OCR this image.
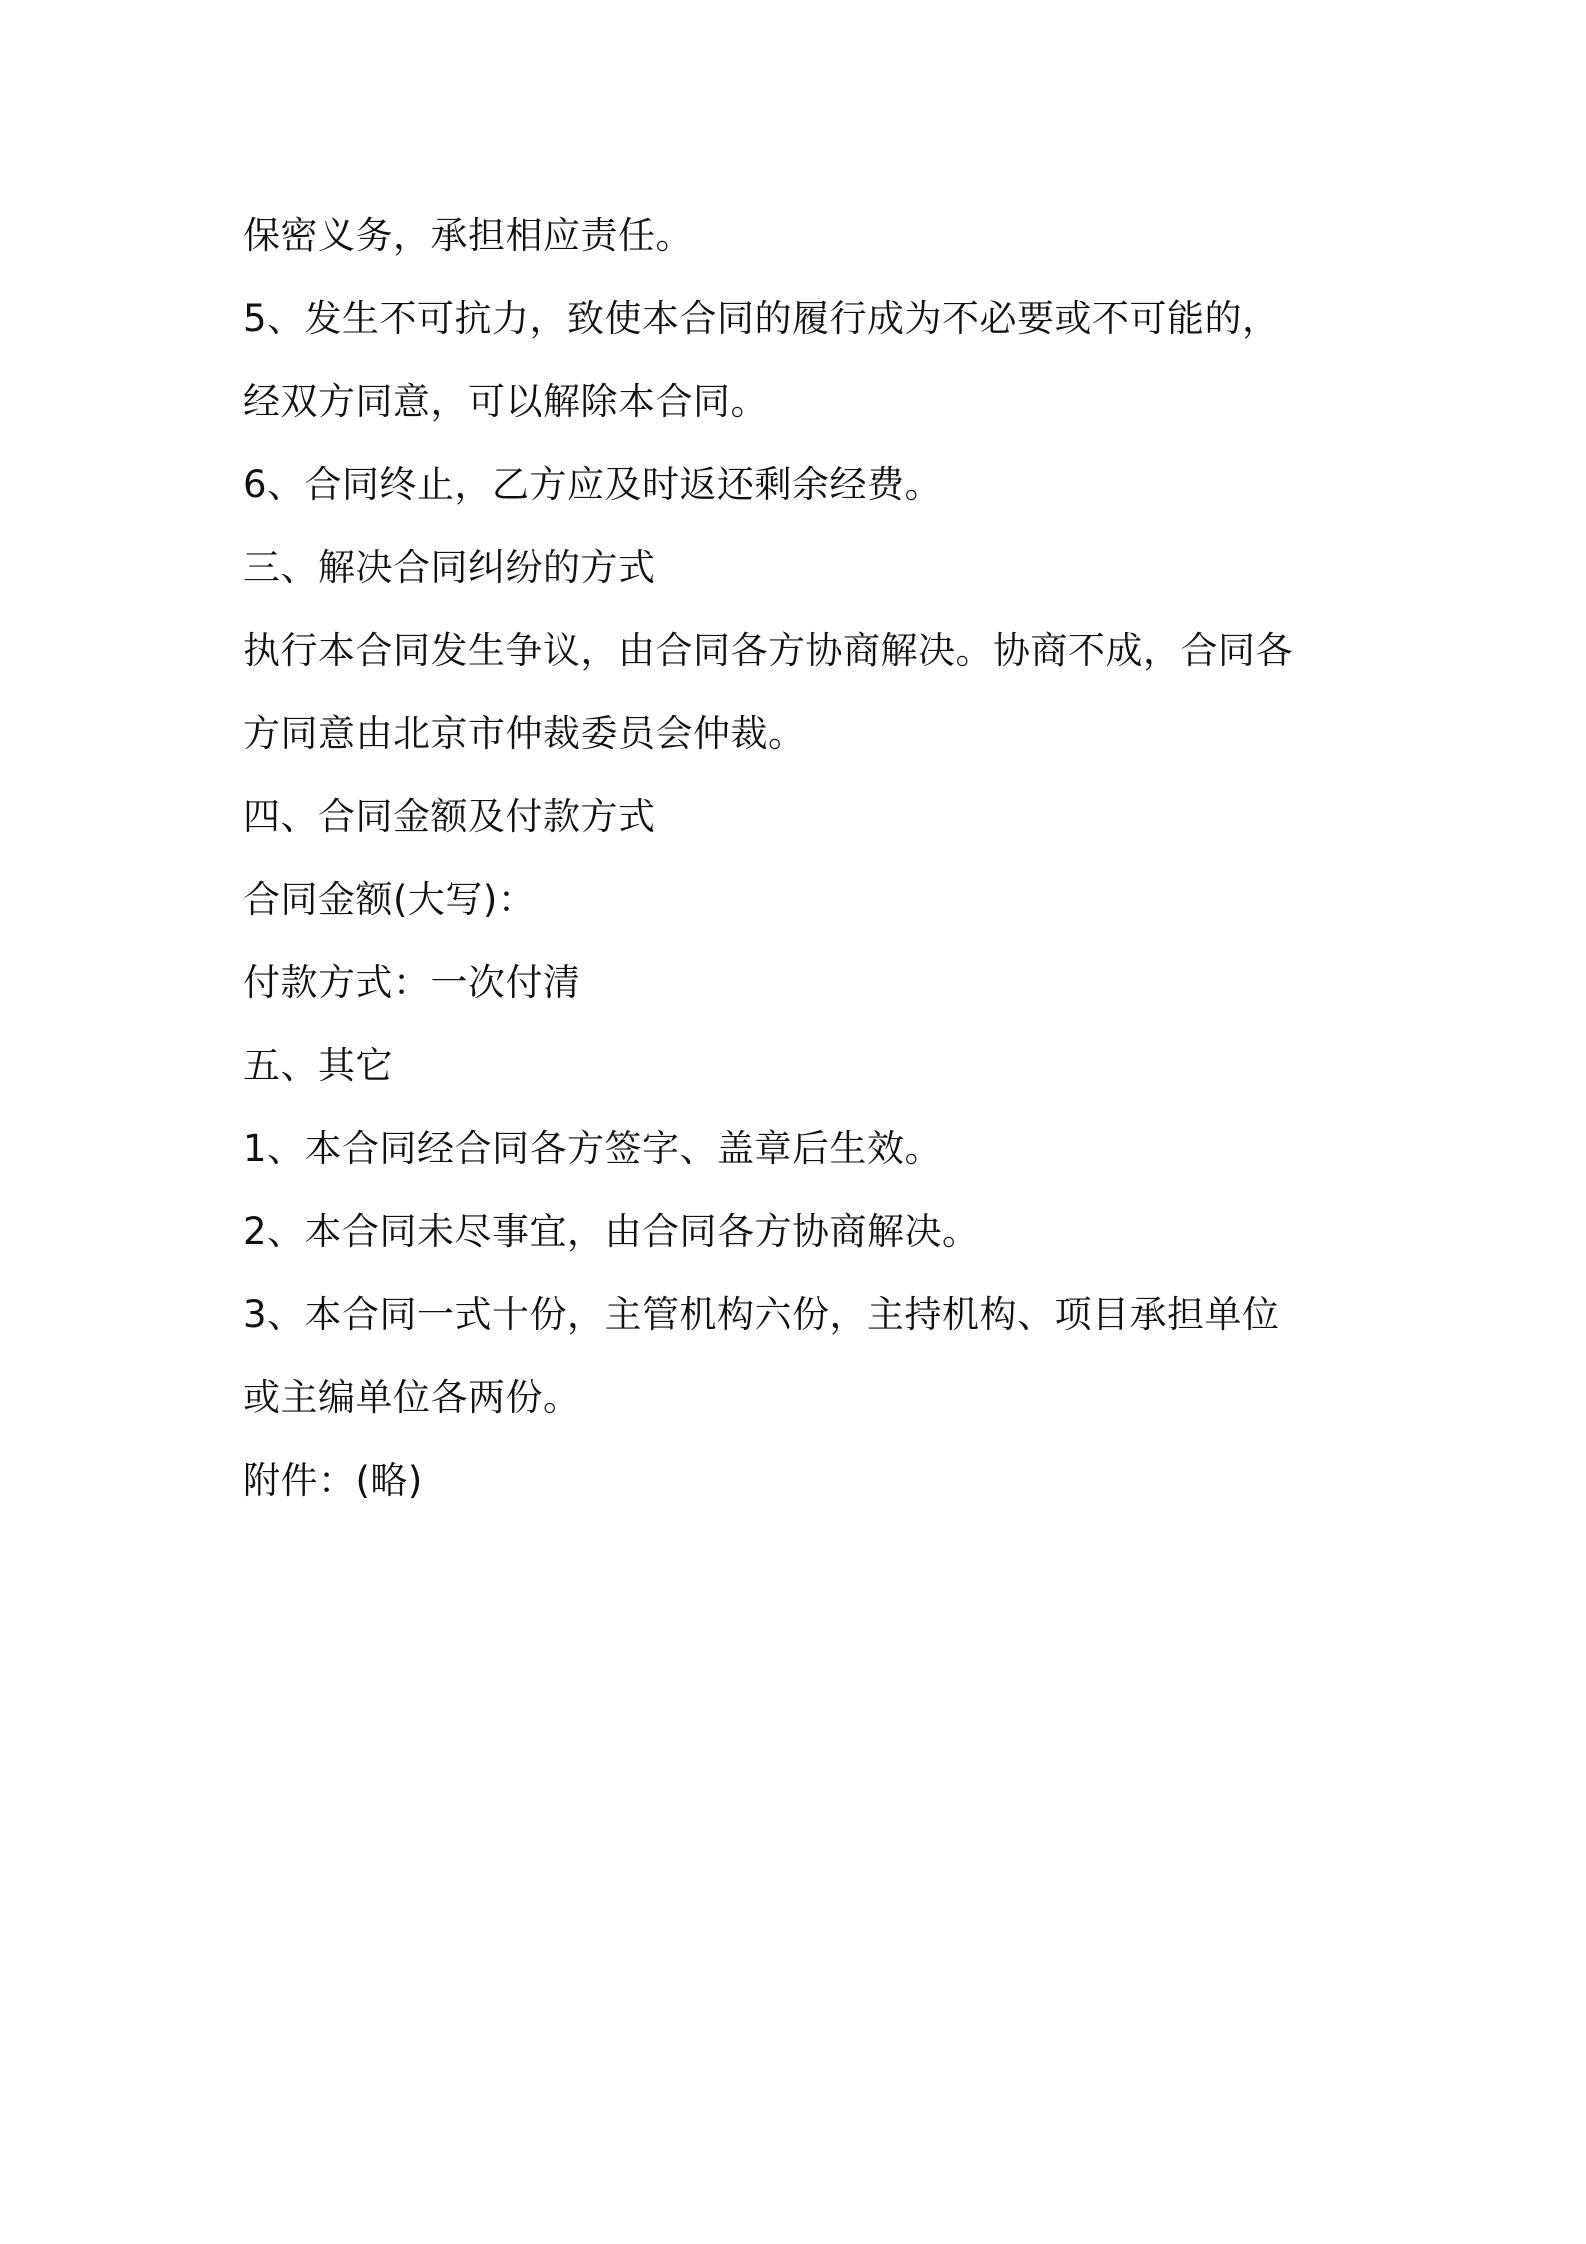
保密义务，承担相应责任。

5、发生不可抗力，致使本合同的履行成为不必要或不可能的，

经双方同意，可以解除本合同。

6、合同终止，乙方应及时返还剩余经费。

三、解决合同纠纷的方式

执行本合同发生争议，由合同各方协商解决。协商不成，合同各

方同意由北京市仲裁委员会仲裁。

四、合同金额及付款方式

合同金额(大写)：

付款方式：一次付清

五、其它

1、本合同经合同各方签字、盖章后生效。

2、本合同未尽事宜，由合同各方协商解决。

3、本合同一式十份，主管机构六份，主持机构、项目承担单位

或主编单位各两份。

附件：(略)
